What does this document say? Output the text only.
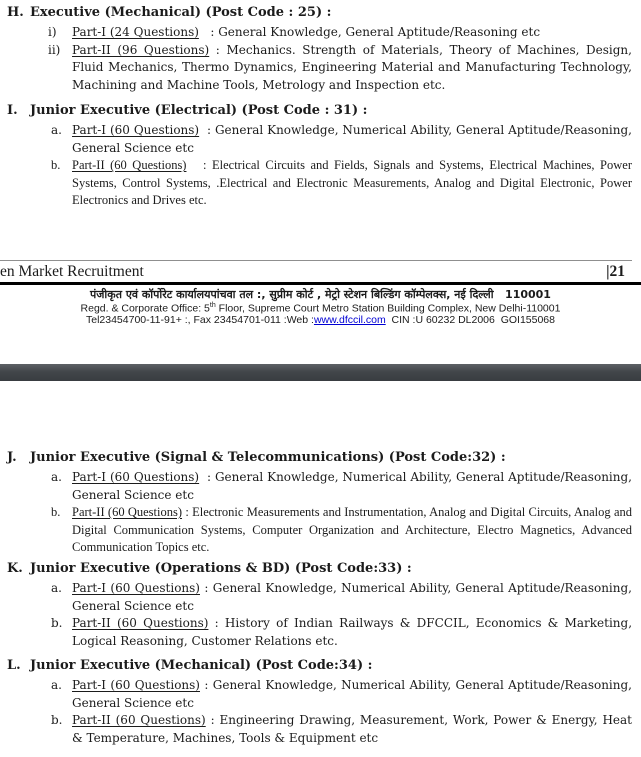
H. Executive (Mechanical) (Post Code : 25) :
i) Part-I (24 Questions)   : General Knowledge, General Aptitude/Reasoning etc
ii) Part-II (96 Questions) : Mechanics. Strength of Materials, Theory of Machines, Design, Fluid Mechanics, Thermo Dynamics, Engineering Material and Manufacturing Technology, Machining and Machine Tools, Metrology and Inspection etc.
I. Junior Executive (Electrical) (Post Code : 31) :
a. Part-I (60 Questions)  : General Knowledge, Numerical Ability, General Aptitude/Reasoning, General Science etc
b. Part-II (60 Questions)   : Electrical Circuits and Fields, Signals and Systems, Electrical Machines, Power Systems, Control Systems, .Electrical and Electronic Measurements, Analog and Digital Electronic, Power Electronics and Drives etc.
en Market Recruitment	|21
पंजीकृत एवं कॉर्पोरेट कार्यालयपांचवा तल :, सुप्रीम कोर्ट , मेट्रो स्टेशन बिल्डिंग कॉम्पेलक्स, नई दिल्ली   110001
Regd. & Corporate Office: 5th Floor, Supreme Court Metro Station Building Complex, New Delhi-110001
Tel23454700-11-91+ :, Fax 23454701-011 :Web :www.dfccil.com  CIN :U 60232 DL2006  GOI155068
J. Junior Executive (Signal & Telecommunications) (Post Code:32) :
a. Part-I (60 Questions)  : General Knowledge, Numerical Ability, General Aptitude/Reasoning, General Science etc
b. Part-II (60 Questions) : Electronic Measurements and Instrumentation, Analog and Digital Circuits, Analog and Digital Communication Systems, Computer Organization and Architecture, Electro Magnetics, Advanced Communication Topics etc.
K. Junior Executive (Operations & BD) (Post Code:33) :
a. Part-I (60 Questions) : General Knowledge, Numerical Ability, General Aptitude/Reasoning, General Science etc
b. Part-II (60 Questions) : History of Indian Railways & DFCCIL, Economics & Marketing, Logical Reasoning, Customer Relations etc.
L. Junior Executive (Mechanical) (Post Code:34) :
a. Part-I (60 Questions) : General Knowledge, Numerical Ability, General Aptitude/Reasoning, General Science etc
b. Part-II (60 Questions) : Engineering Drawing, Measurement, Work, Power & Energy, Heat & Temperature, Machines, Tools & Equipment etc
